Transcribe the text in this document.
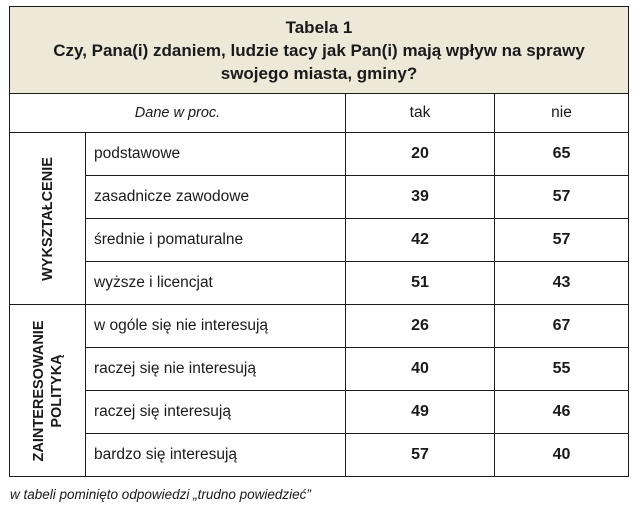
Tabela 1
Czy, Pana(i) zdaniem, ludzie tacy jak Pan(i) mają wpływ na sprawy
swojego miasta, gminy?			

Dane w proc.		tak	nie

WYKSZTAŁCENIE	podstawowe	20	65
	zasadnicze zawodowe	39	57
	średnie i pomaturalne	42	57
	wyższe i licencjat	51	43

ZAINTERESOWANIE POLITYKĄ	w ogóle się nie interesują	26	67
	raczej się nie interesują	40	55
	raczej się interesują	49	46
	bardzo się interesują	57	40
w tabeli pominięto odpowiedzi „trudno powiedzieć”
